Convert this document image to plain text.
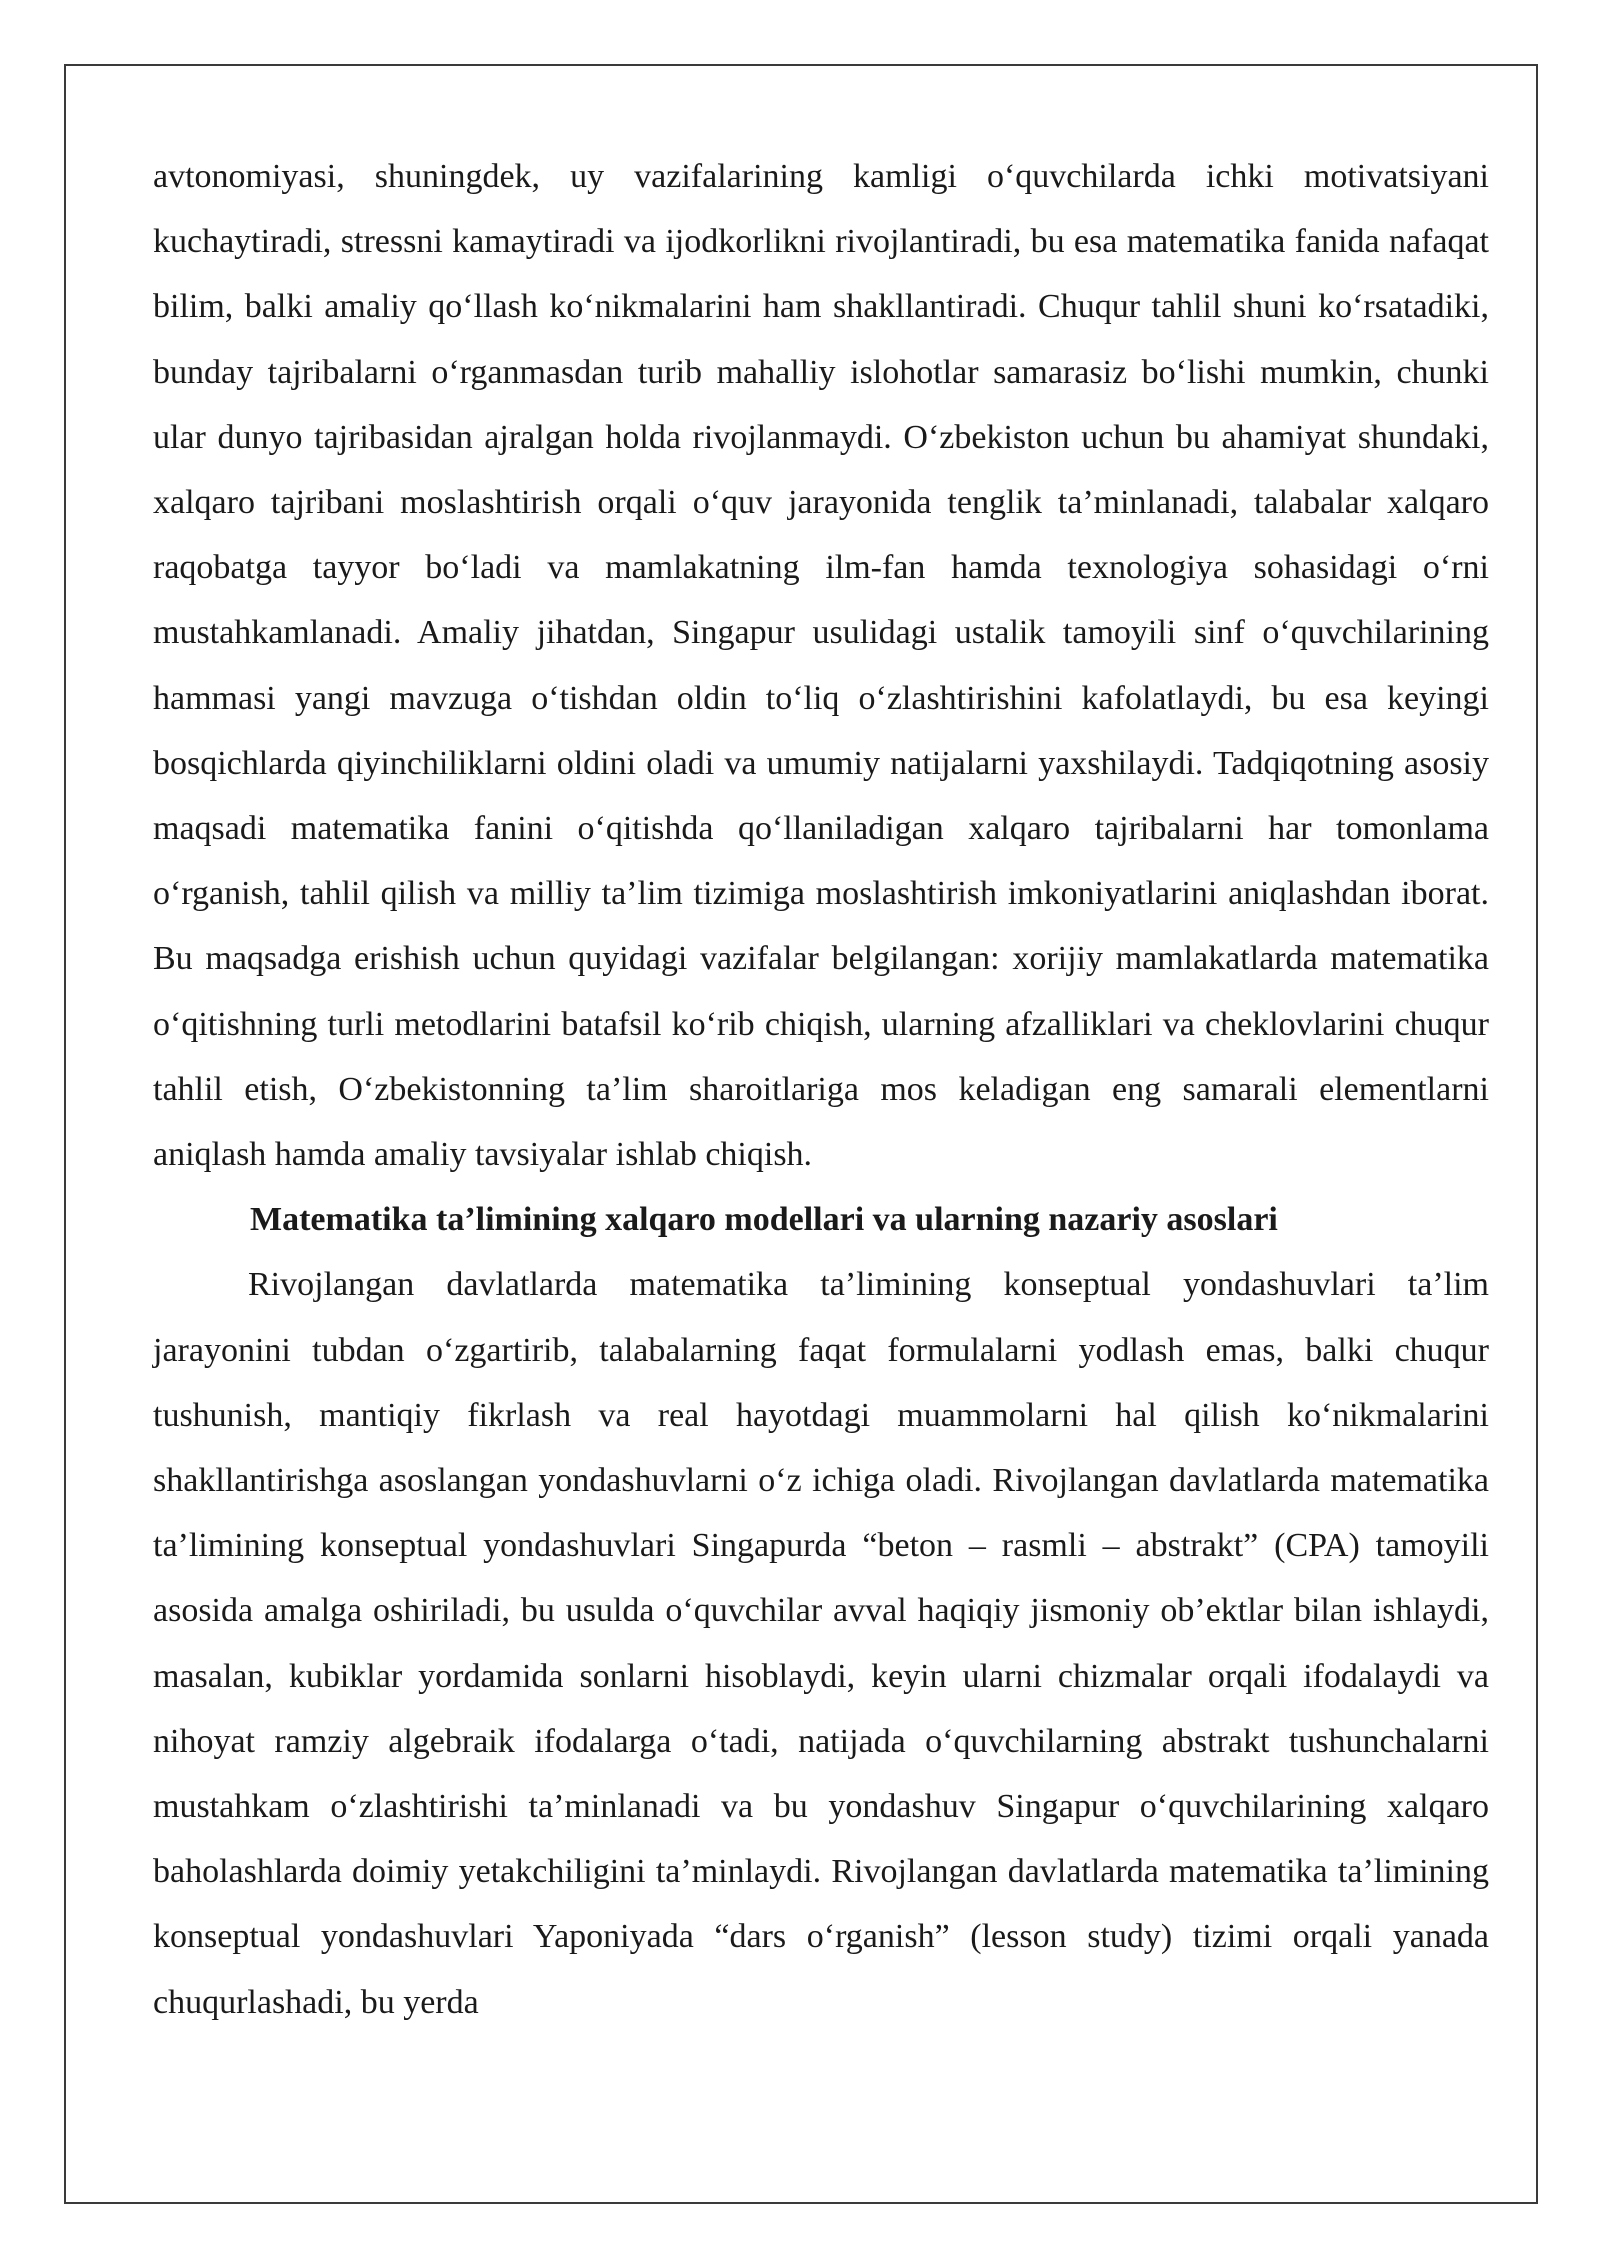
avtonomiyasi, shuningdek, uy vazifalarining kamligi o‘quvchilarda ichki motivatsiyani kuchaytiradi, stressni kamaytiradi va ijodkorlikni rivojlantiradi, bu esa matematika fanida nafaqat bilim, balki amaliy qo‘llash ko‘nikmalarini ham shakllantiradi. Chuqur tahlil shuni ko‘rsatadiki, bunday tajribalarni o‘rganmasdan turib mahalliy islohotlar samarasiz bo‘lishi mumkin, chunki ular dunyo tajribasidan ajralgan holda rivojlanmaydi. O‘zbekiston uchun bu ahamiyat shundaki, xalqaro tajribani moslashtirish orqali o‘quv jarayonida tenglik ta’minlanadi, talabalar xalqaro raqobatga tayyor bo‘ladi va mamlakatning ilm-fan hamda texnologiya sohasidagi o‘rni mustahkamlanadi. Amaliy jihatdan, Singapur usulidagi ustalik tamoyili sinf o‘quvchilarining hammasi yangi mavzuga o‘tishdan oldin to‘liq o‘zlashtirishini kafolatlaydi, bu esa keyingi bosqichlarda qiyinchiliklarni oldini oladi va umumiy natijalarni yaxshilaydi. Tadqiqotning asosiy maqsadi matematika fanini o‘qitishda qo‘llaniladigan xalqaro tajribalarni har tomonlama o‘rganish, tahlil qilish va milliy ta’lim tizimiga moslashtirish imkoniyatlarini aniqlashdan iborat. Bu maqsadga erishish uchun quyidagi vazifalar belgilangan: xorijiy mamlakatlarda matematika o‘qitishning turli metodlarini batafsil ko‘rib chiqish, ularning afzalliklari va cheklovlarini chuqur tahlil etish, O‘zbekistonning ta’lim sharoitlariga mos keladigan eng samarali elementlarni aniqlash hamda amaliy tavsiyalar ishlab chiqish.

Matematika ta’limining xalqaro modellari va ularning nazariy asoslari

Rivojlangan davlatlarda matematika ta’limining konseptual yondashuvlari ta’lim jarayonini tubdan o‘zgartirib, talabalarning faqat formulalarni yodlash emas, balki chuqur tushunish, mantiqiy fikrlash va real hayotdagi muammolarni hal qilish ko‘nikmalarini shakllantirishga asoslangan yondashuvlarni o‘z ichiga oladi. Rivojlangan davlatlarda matematika ta’limining konseptual yondashuvlari Singapurda “beton – rasmli – abstrakt” (CPA) tamoyili asosida amalga oshiriladi, bu usulda o‘quvchilar avval haqiqiy jismoniy ob’ektlar bilan ishlaydi, masalan, kubiklar yordamida sonlarni hisoblaydi, keyin ularni chizmalar orqali ifodalaydi va nihoyat ramziy algebraik ifodalarga o‘tadi, natijada o‘quvchilarning abstrakt tushunchalarni mustahkam o‘zlashtirishi ta’minlanadi va bu yondashuv Singapur o‘quvchilarining xalqaro baholashlarda doimiy yetakchiligini ta’minlaydi. Rivojlangan davlatlarda matematika ta’limining konseptual yondashuvlari Yaponiyada “dars o‘rganish” (lesson study) tizimi orqali yanada chuqurlashadi, bu yerda
